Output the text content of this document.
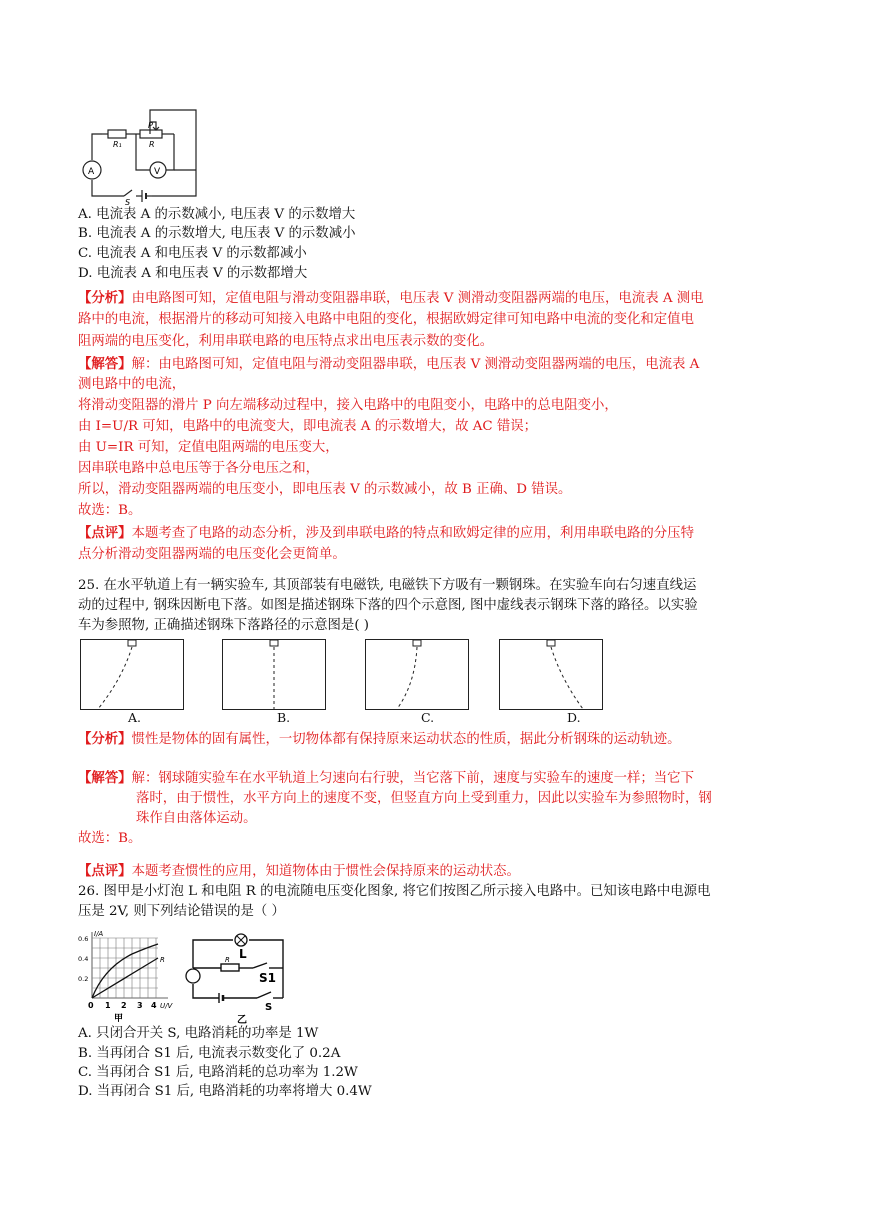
P
R₁	R
A	V
S
A. 电流表 A 的示数减小, 电压表 V 的示数增大
B. 电流表 A 的示数增大, 电压表 V 的示数减小
C. 电流表 A 和电压表 V 的示数都减小
D. 电流表 A 和电压表 V 的示数都增大
【分析】由电路图可知，定值电阻与滑动变阻器串联，电压表 V 测滑动变阻器两端的电压，电流表 A 测电
路中的电流，根据滑片的移动可知接入电路中电阻的变化，根据欧姆定律可知电路中电流的变化和定值电
阻两端的电压变化，利用串联电路的电压特点求出电压表示数的变化。
【解答】解：由电路图可知，定值电阻与滑动变阻器串联，电压表 V 测滑动变阻器两端的电压，电流表 A
测电路中的电流，
将滑动变阻器的滑片 P 向左端移动过程中，接入电路中的电阻变小，电路中的总电阻变小，
由 I=U/R 可知，电路中的电流变大，即电流表 A 的示数增大，故 AC 错误；
由 U=IR 可知，定值电阻两端的电压变大，
因串联电路中总电压等于各分电压之和，
所以，滑动变阻器两端的电压变小，即电压表 V 的示数减小，故 B 正确、D 错误。
故选：B。
【点评】本题考查了电路的动态分析，涉及到串联电路的特点和欧姆定律的应用，利用串联电路的分压特
点分析滑动变阻器两端的电压变化会更简单。
25. 在水平轨道上有一辆实验车, 其顶部装有电磁铁, 电磁铁下方吸有一颗钢珠。在实验车向右匀速直线运
动的过程中, 钢珠因断电下落。如图是描述钢珠下落的四个示意图, 图中虚线表示钢珠下落的路径。以实验
车为参照物, 正确描述钢珠下落路径的示意图是( )
A.	B.	C.	D.
【分析】惯性是物体的固有属性，一切物体都有保持原来运动状态的性质，据此分析钢珠的运动轨迹。
【解答】解：钢球随实验车在水平轨道上匀速向右行驶，当它落下前，速度与实验车的速度一样；当它下
落时，由于惯性，水平方向上的速度不变，但竖直方向上受到重力，因此以实验车为参照物时，钢
珠作自由落体运动。
故选：B。
【点评】本题考查惯性的应用，知道物体由于惯性会保持原来的运动状态。
26. 图甲是小灯泡 L 和电阻 R 的电流随电压变化图象, 将它们按图乙所示接入电路中。已知该电路中电源电
压是 2V, 则下列结论错误的是（ ）
I/A
R
0.6
0.4
0.2
0 1 2 3 4 U/V
甲
L
R
S1
S
乙
A. 只闭合开关 S, 电路消耗的功率是 1W
B. 当再闭合 S1 后, 电流表示数变化了 0.2A
C. 当再闭合 S1 后, 电路消耗的总功率为 1.2W
D. 当再闭合 S1 后, 电路消耗的功率将增大 0.4W
